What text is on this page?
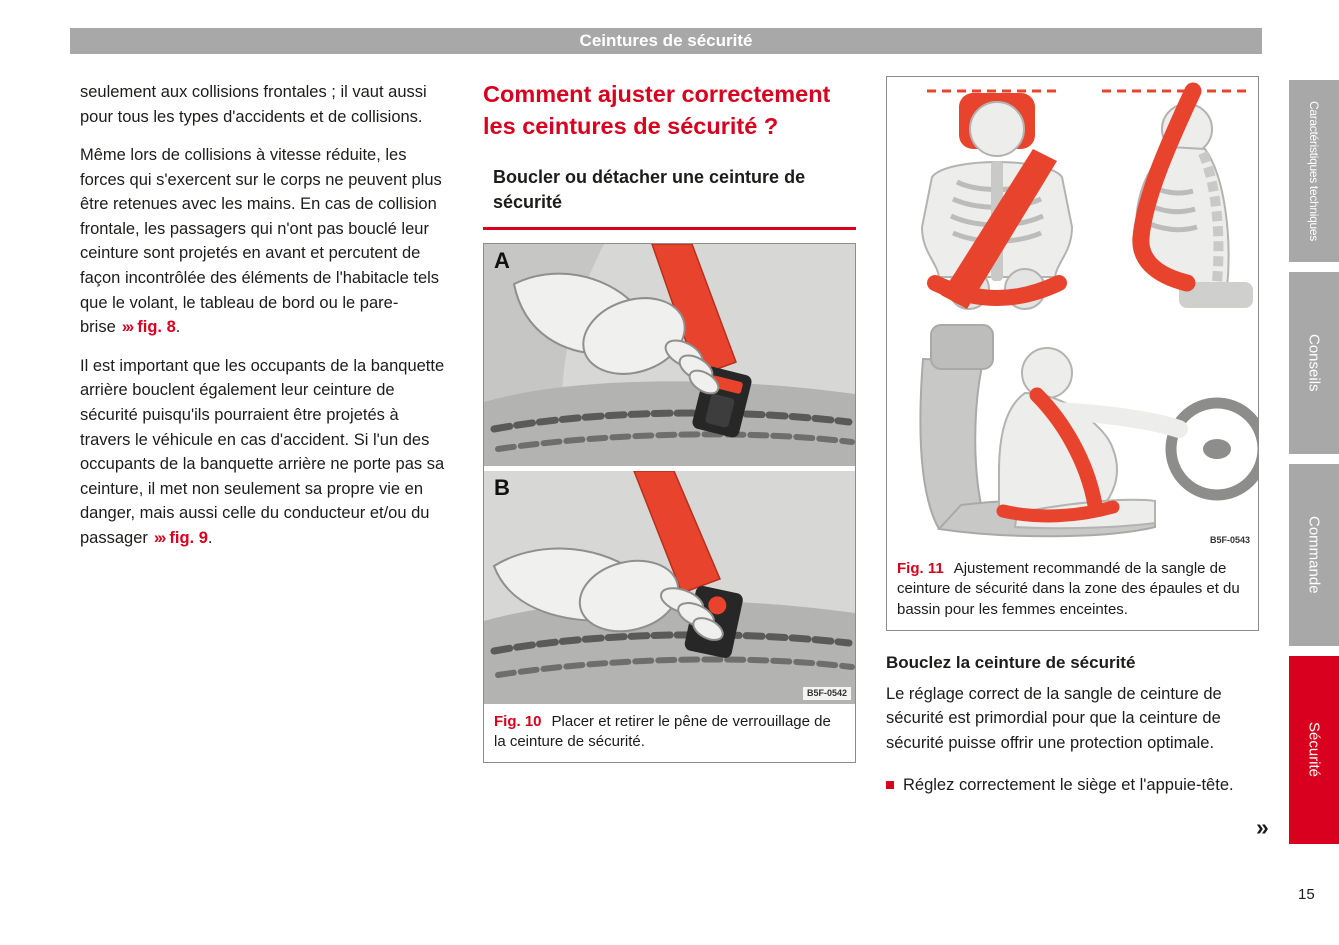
Ceintures de sécurité

seulement aux collisions frontales ; il vaut aussi pour tous les types d'accidents et de collisions.

Même lors de collisions à vitesse réduite, les forces qui s'exercent sur le corps ne peuvent plus être retenues avec les mains. En cas de collision frontale, les passagers qui n'ont pas bouclé leur ceinture sont projetés en avant et percutent de façon incontrôlée des éléments de l'habitacle tels que le volant, le tableau de bord ou le pare-brise ››› fig. 8.

Il est important que les occupants de la banquette arrière bouclent également leur ceinture de sécurité puisqu'ils pourraient être projetés à travers le véhicule en cas d'accident. Si l'un des occupants de la banquette arrière ne porte pas sa ceinture, il met non seulement sa propre vie en danger, mais aussi celle du conducteur et/ou du passager ››› fig. 9.

Comment ajuster correctement les ceintures de sécurité ?
Boucler ou détacher une ceinture de sécurité
A
B
B5F-0542
Fig. 10 Placer et retirer le pêne de verrouillage de la ceinture de sécurité.
B5F-0543
Fig. 11 Ajustement recommandé de la sangle de ceinture de sécurité dans la zone des épaules et du bassin pour les femmes enceintes.
Bouclez la ceinture de sécurité

Le réglage correct de la sangle de ceinture de sécurité est primordial pour que la ceinture de sécurité puisse offrir une protection optimale.

Réglez correctement le siège et l'appuie-tête.
»
Caractéristiques techniques
Conseils
Commande
Sécurité
15
